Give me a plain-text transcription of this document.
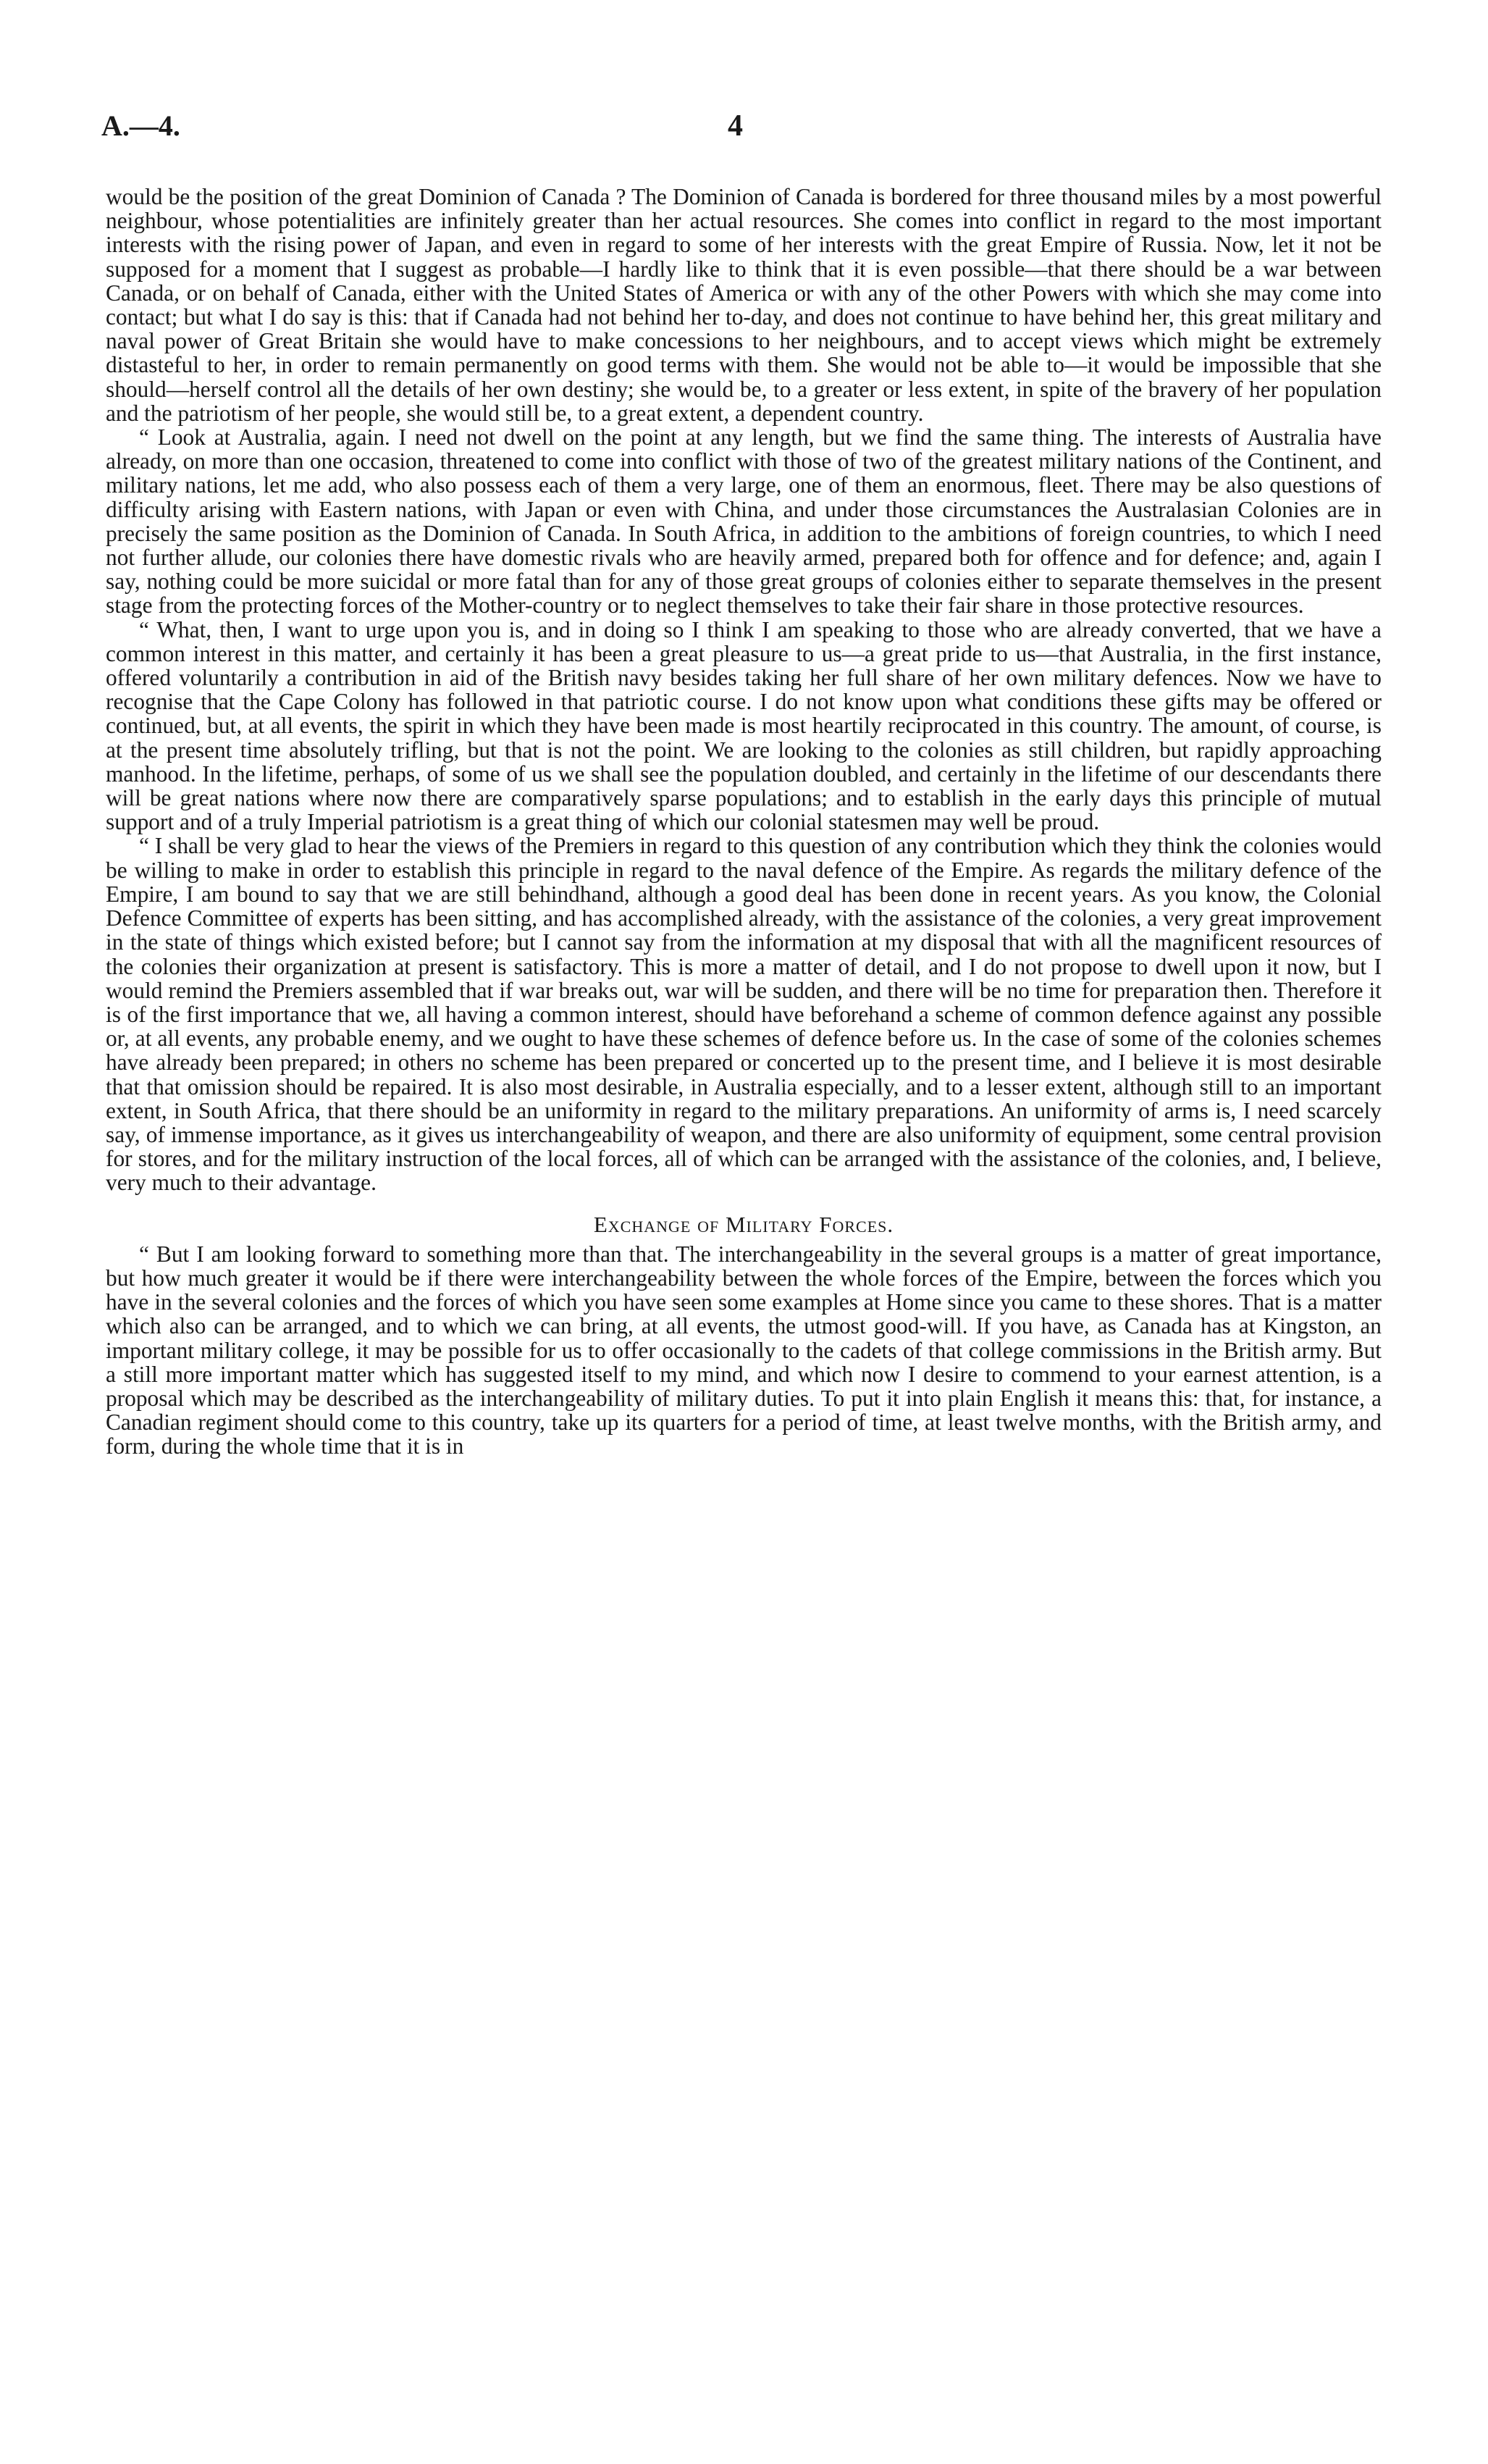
A.—4.	4

would be the position of the great Dominion of Canada ? The Dominion of Canada is bordered for three thousand miles by a most powerful neighbour, whose potentialities are infinitely greater than her actual resources. She comes into conflict in regard to the most important interests with the rising power of Japan, and even in regard to some of her interests with the great Empire of Russia. Now, let it not be supposed for a moment that I suggest as probable—I hardly like to think that it is even possible—that there should be a war between Canada, or on behalf of Canada, either with the United States of America or with any of the other Powers with which she may come into contact; but what I do say is this: that if Canada had not behind her to-day, and does not continue to have behind her, this great military and naval power of Great Britain she would have to make concessions to her neighbours, and to accept views which might be extremely distasteful to her, in order to remain permanently on good terms with them. She would not be able to—it would be impossible that she should—herself control all the details of her own destiny; she would be, to a greater or less extent, in spite of the bravery of her population and the patriotism of her people, she would still be, to a great extent, a dependent country.

“ Look at Australia, again. I need not dwell on the point at any length, but we find the same thing. The interests of Australia have already, on more than one occasion, threatened to come into conflict with those of two of the greatest military nations of the Continent, and military nations, let me add, who also possess each of them a very large, one of them an enormous, fleet. There may be also questions of difficulty arising with Eastern nations, with Japan or even with China, and under those circumstances the Australasian Colonies are in precisely the same position as the Dominion of Canada. In South Africa, in addition to the ambitions of foreign countries, to which I need not further allude, our colonies there have domestic rivals who are heavily armed, prepared both for offence and for defence; and, again I say, nothing could be more suicidal or more fatal than for any of those great groups of colonies either to separate themselves in the present stage from the protecting forces of the Mother-country or to neglect themselves to take their fair share in those protective resources.

“ What, then, I want to urge upon you is, and in doing so I think I am speaking to those who are already converted, that we have a common interest in this matter, and certainly it has been a great pleasure to us—a great pride to us—that Australia, in the first instance, offered voluntarily a contribution in aid of the British navy besides taking her full share of her own military defences. Now we have to recognise that the Cape Colony has followed in that patriotic course. I do not know upon what conditions these gifts may be offered or continued, but, at all events, the spirit in which they have been made is most heartily reciprocated in this country. The amount, of course, is at the present time absolutely trifling, but that is not the point. We are looking to the colonies as still children, but rapidly approaching manhood. In the lifetime, perhaps, of some of us we shall see the population doubled, and certainly in the lifetime of our descendants there will be great nations where now there are comparatively sparse populations; and to establish in the early days this principle of mutual support and of a truly Imperial patriotism is a great thing of which our colonial statesmen may well be proud.

“ I shall be very glad to hear the views of the Premiers in regard to this question of any contribution which they think the colonies would be willing to make in order to establish this principle in regard to the naval defence of the Empire. As regards the military defence of the Empire, I am bound to say that we are still behindhand, although a good deal has been done in recent years. As you know, the Colonial Defence Committee of experts has been sitting, and has accomplished already, with the assistance of the colonies, a very great improvement in the state of things which existed before; but I cannot say from the information at my disposal that with all the magnificent resources of the colonies their organization at present is satisfactory. This is more a matter of detail, and I do not propose to dwell upon it now, but I would remind the Premiers assembled that if war breaks out, war will be sudden, and there will be no time for preparation then. Therefore it is of the first importance that we, all having a common interest, should have beforehand a scheme of common defence against any possible or, at all events, any probable enemy, and we ought to have these schemes of defence before us. In the case of some of the colonies schemes have already been prepared; in others no scheme has been prepared or concerted up to the present time, and I believe it is most desirable that that omission should be repaired. It is also most desirable, in Australia especially, and to a lesser extent, although still to an important extent, in South Africa, that there should be an uniformity in regard to the military preparations. An uniformity of arms is, I need scarcely say, of immense importance, as it gives us interchangeability of weapon, and there are also uniformity of equipment, some central provision for stores, and for the military instruction of the local forces, all of which can be arranged with the assistance of the colonies, and, I believe, very much to their advantage.

Exchange of Military Forces.

“ But I am looking forward to something more than that. The interchangeability in the several groups is a matter of great importance, but how much greater it would be if there were interchangeability between the whole forces of the Empire, between the forces which you have in the several colonies and the forces of which you have seen some examples at Home since you came to these shores. That is a matter which also can be arranged, and to which we can bring, at all events, the utmost good-will. If you have, as Canada has at Kingston, an important military college, it may be possible for us to offer occasionally to the cadets of that college commissions in the British army. But a still more important matter which has suggested itself to my mind, and which now I desire to commend to your earnest attention, is a proposal which may be described as the interchangeability of military duties. To put it into plain English it means this: that, for instance, a Canadian regiment should come to this country, take up its quarters for a period of time, at least twelve months, with the British army, and form, during the whole time that it is in
